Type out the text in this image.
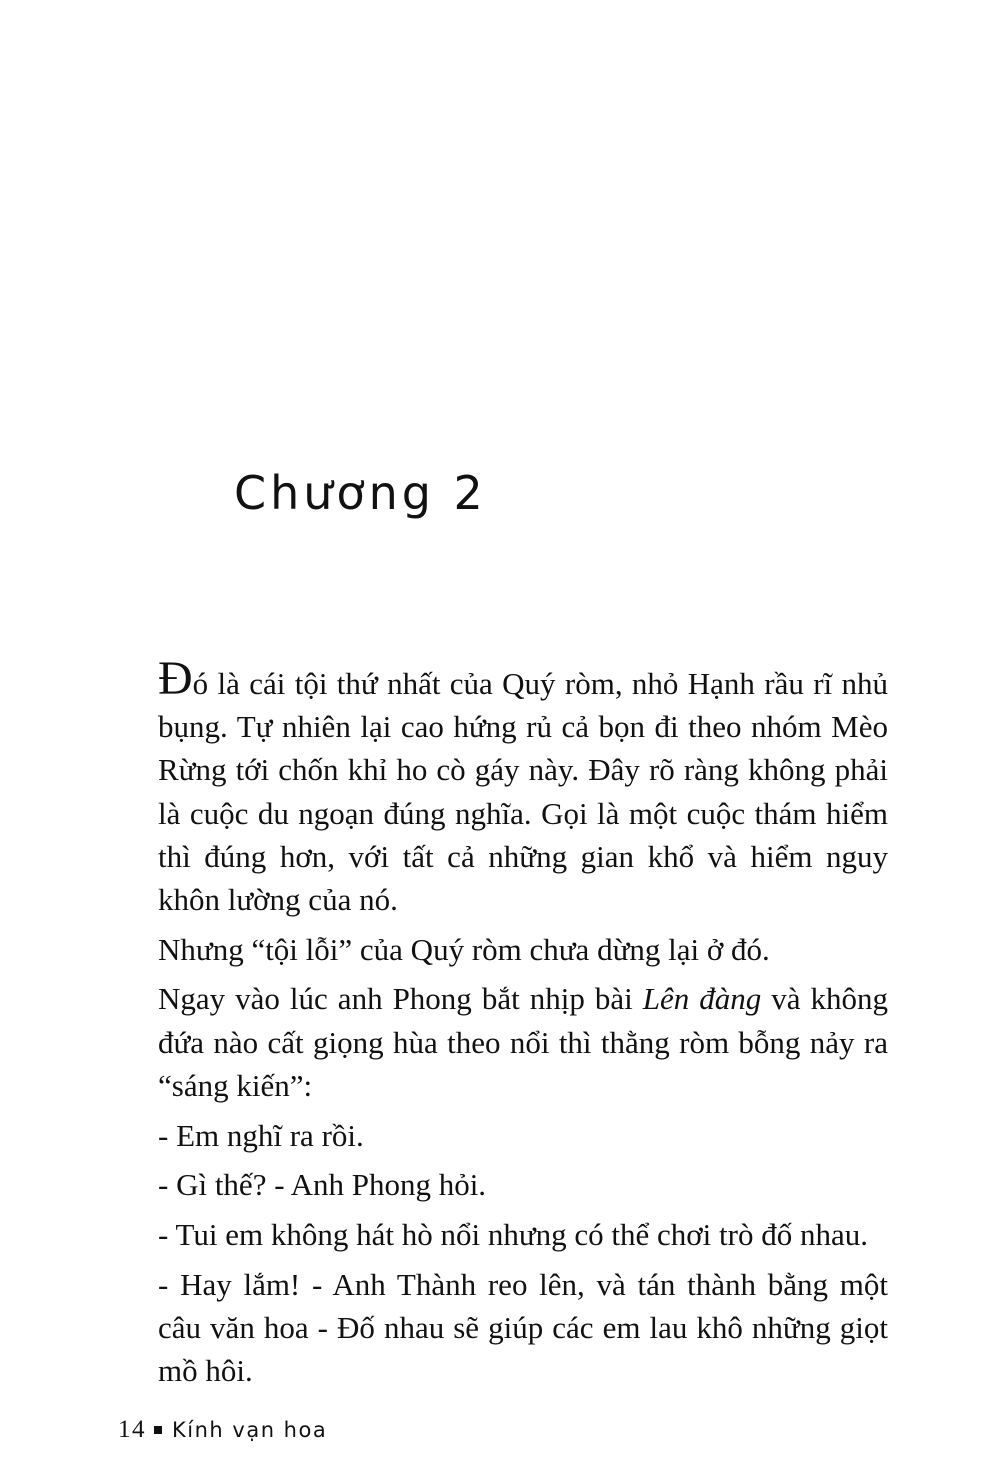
Chương 2

Đó là cái tội thứ nhất của Quý ròm, nhỏ Hạnh rầu rĩ nhủ bụng. Tự nhiên lại cao hứng rủ cả bọn đi theo nhóm Mèo Rừng tới chốn khỉ ho cò gáy này. Đây rõ ràng không phải là cuộc du ngoạn đúng nghĩa. Gọi là một cuộc thám hiểm thì đúng hơn, với tất cả những gian khổ và hiểm nguy khôn lường của nó.

Nhưng “tội lỗi” của Quý ròm chưa dừng lại ở đó.

Ngay vào lúc anh Phong bắt nhịp bài Lên đàng và không đứa nào cất giọng hùa theo nổi thì thằng ròm bỗng nảy ra “sáng kiến”:

- Em nghĩ ra rồi.

- Gì thế? - Anh Phong hỏi.

- Tui em không hát hò nổi nhưng có thể chơi trò đố nhau.

- Hay lắm! - Anh Thành reo lên, và tán thành bằng một câu văn hoa - Đố nhau sẽ giúp các em lau khô những giọt mồ hôi.

14 Kính vạn hoa
